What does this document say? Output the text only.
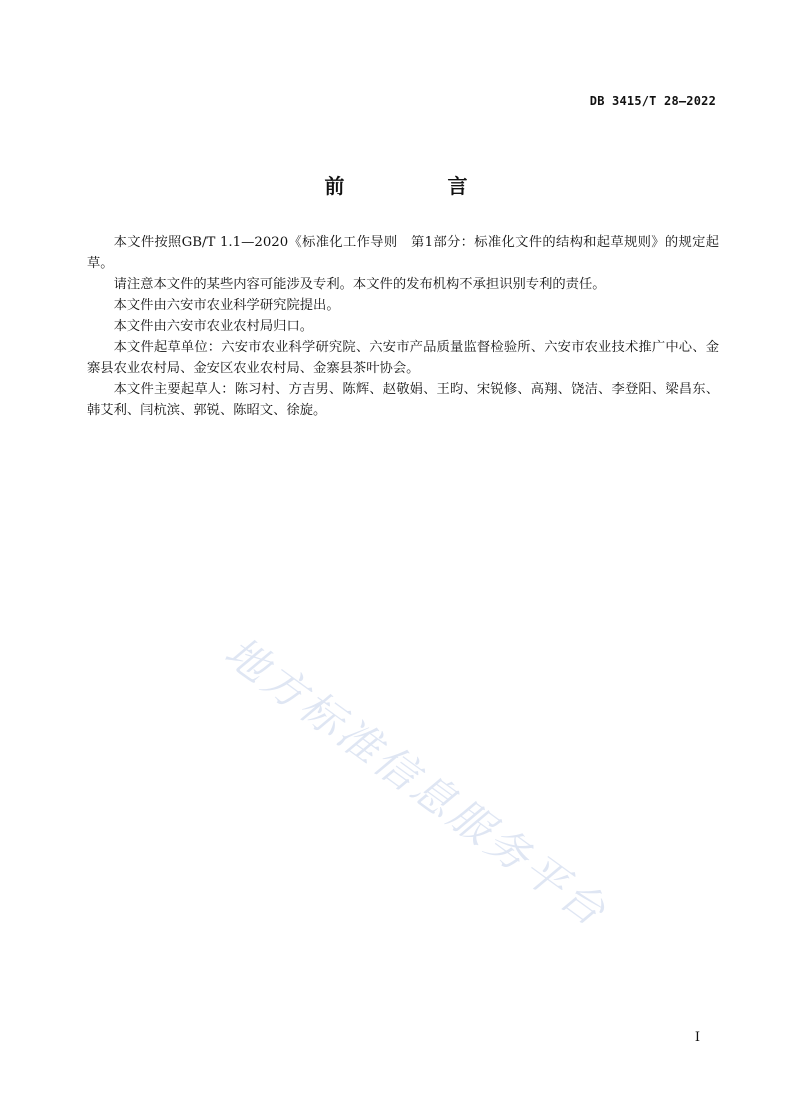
DB 3415/T 28—2022
前 言

本文件按照GB/T 1.1—2020《标准化工作导则　第1部分：标准化文件的结构和起草规则》的规定起草。

请注意本文件的某些内容可能涉及专利。本文件的发布机构不承担识别专利的责任。

本文件由六安市农业科学研究院提出。

本文件由六安市农业农村局归口。

本文件起草单位：六安市农业科学研究院、六安市产品质量监督检验所、六安市农业技术推广中心、金寨县农业农村局、金安区农业农村局、金寨县茶叶协会。

本文件主要起草人：陈习村、方吉男、陈辉、赵敬娟、王昀、宋锐修、高翔、饶洁、李登阳、梁昌东、韩艾利、闫杭滨、郭锐、陈昭文、徐旋。

地方标准信息服务平台
I
